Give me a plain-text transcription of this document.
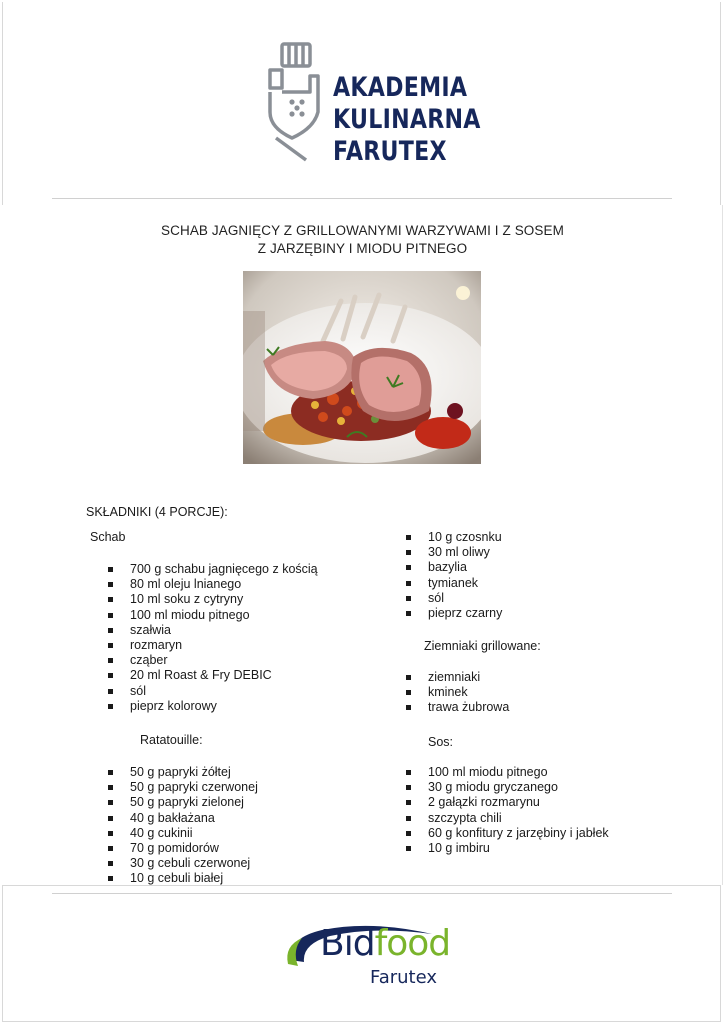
AKADEMIA
KULINARNA
FARUTEX
SCHAB JAGNIĘCY Z GRILLOWANYMI WARZYWAMI I Z SOSEM
Z JARZĘBINY I MIODU PITNEGO
SKŁADNIKI (4 PORCJE):
Schab
700 g schabu jagnięcego z kością
80 ml oleju lnianego
10 ml soku z cytryny
100 ml miodu pitnego
szałwia
rozmaryn
cząber
20 ml Roast & Fry DEBIC
sól
pieprz kolorowy
Ratatouille:
50 g papryki żółtej
50 g papryki czerwonej
50 g papryki zielonej
40 g bakłażana
40 g cukinii
70 g pomidorów
30 g cebuli czerwonej
10 g cebuli białej
10 g czosnku
30 ml oliwy
bazylia
tymianek
sól
pieprz czarny
Ziemniaki grillowane:
ziemniaki
kminek
trawa żubrowa
Sos:
100 ml miodu pitnego
30 g miodu gryczanego
2 gałązki rozmarynu
szczypta chili
60 g konfitury z jarzębiny i jabłek
10 g imbiru
Bidfood
Farutex
